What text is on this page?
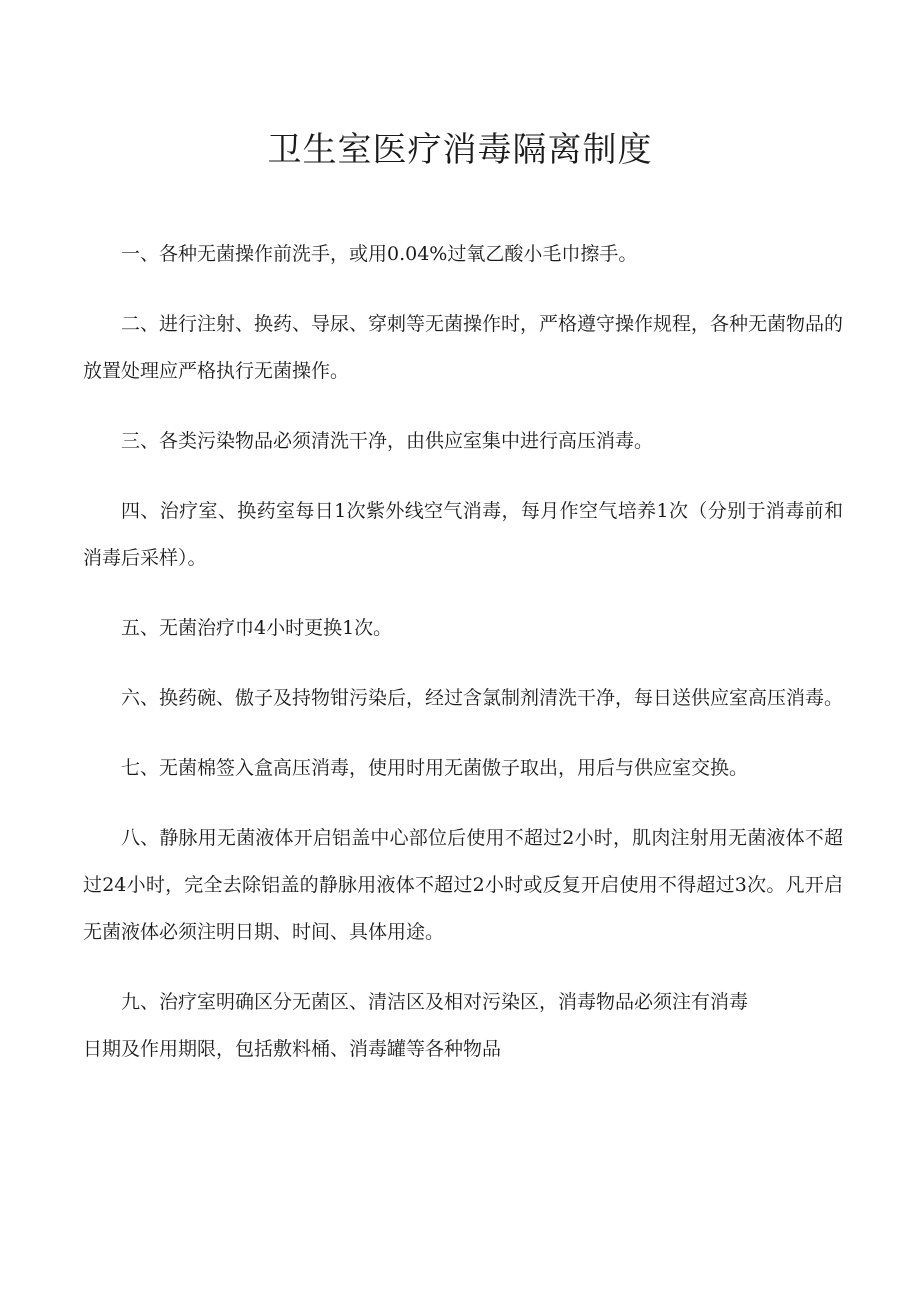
卫生室医疗消毒隔离制度

一、各种无菌操作前洗手，或用0.04%过氧乙酸小毛巾擦手。

二、进行注射、换药、导尿、穿刺等无菌操作时，严格遵守操作规程，各种无菌物品的放置处理应严格执行无菌操作。

三、各类污染物品必须清洗干净，由供应室集中进行高压消毒。

四、治疗室、换药室每日1次紫外线空气消毒，每月作空气培养1次（分别于消毒前和消毒后采样）。

五、无菌治疗巾4小时更换1次。

六、换药碗、傲子及持物钳污染后，经过含氯制剂清洗干净，每日送供应室高压消毒。

七、无菌棉签入盒高压消毒，使用时用无菌傲子取出，用后与供应室交换。

八、静脉用无菌液体开启铝盖中心部位后使用不超过2小时，肌肉注射用无菌液体不超过24小时，完全去除铝盖的静脉用液体不超过2小时或反复开启使用不得超过3次。凡开启无菌液体必须注明日期、时间、具体用途。

九、治疗室明确区分无菌区、清洁区及相对污染区，消毒物品必须注有消毒
日期及作用期限，包括敷料桶、消毒罐等各种物品
